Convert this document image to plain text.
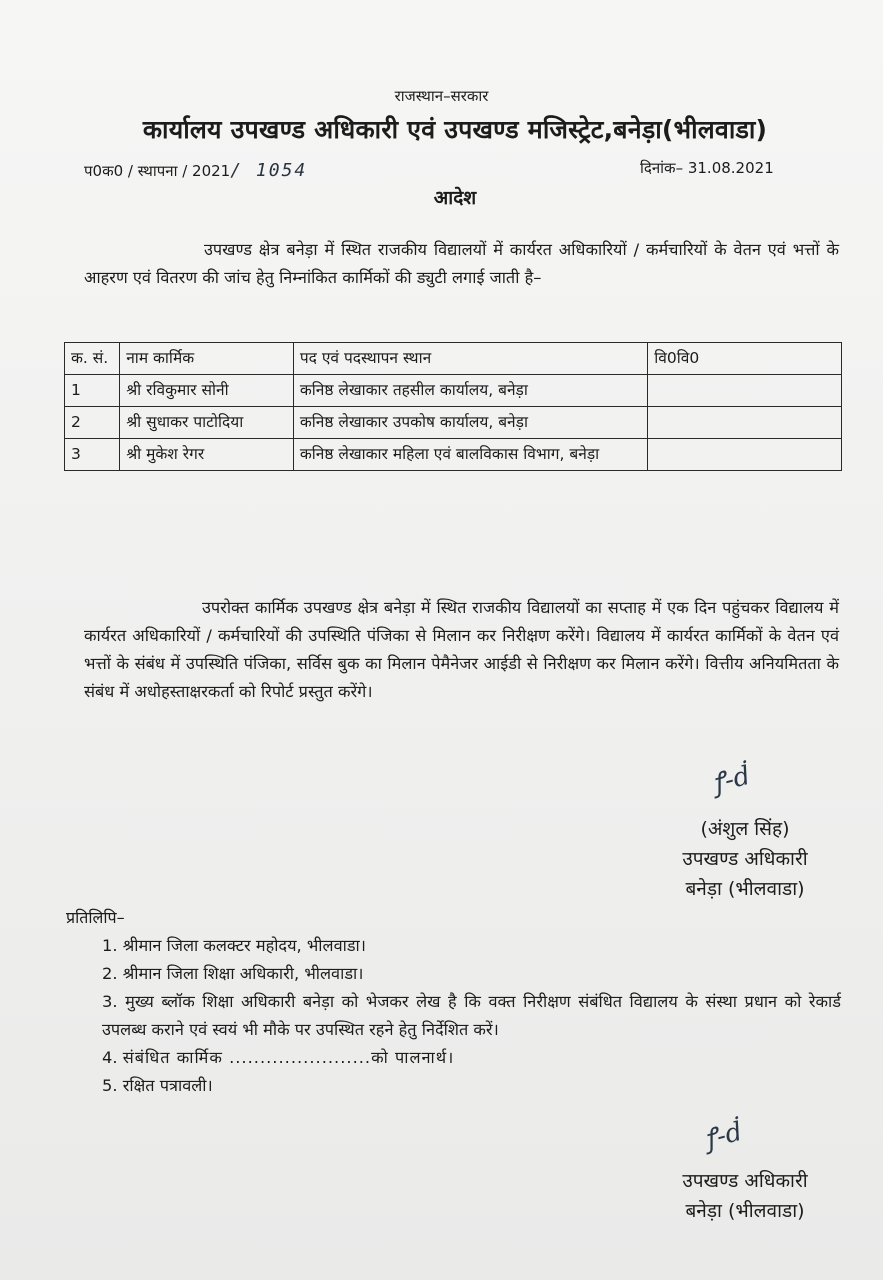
राजस्थान–सरकार
कार्यालय उपखण्ड अधिकारी एवं उपखण्ड मजिस्ट्रेट,बनेड़ा(भीलवाडा)
प0क0 / स्थापना / 2021/ 1054	दिनांक– 31.08.2021
आदेश
उपखण्ड क्षेत्र बनेड़ा में स्थित राजकीय विद्यालयों में कार्यरत अधिकारियों / कर्मचारियों के वेतन एवं भत्तों के आहरण एवं वितरण की जांच हेतु निम्नांकित कार्मिकों की ड्युटी लगाई जाती है–
क. सं.	नाम कार्मिक	पद एवं पदस्थापन स्थान	वि0वि0
1	श्री रविकुमार सोनी	कनिष्ठ लेखाकार तहसील कार्यालय, बनेड़ा	
2	श्री सुधाकर पाटोदिया	कनिष्ठ लेखाकार उपकोष कार्यालय, बनेड़ा	
3	श्री मुकेश रेगर	कनिष्ठ लेखाकार महिला एवं बालविकास विभाग, बनेड़ा	
उपरोक्त कार्मिक उपखण्ड क्षेत्र बनेड़ा में स्थित राजकीय विद्यालयों का सप्ताह में एक दिन पहुंचकर विद्यालय में कार्यरत अधिकारियों / कर्मचारियों की उपस्थिति पंजिका से मिलान कर निरीक्षण करेंगे। विद्यालय में कार्यरत कार्मिकों के वेतन एवं भत्तों के संबंध में उपस्थिति पंजिका, सर्विस बुक का मिलान पेमैनेजर आईडी से निरीक्षण कर मिलान करेंगे। वित्तीय अनियमितता के संबंध में अधोहस्ताक्षरकर्ता को रिपोर्ट प्रस्तुत करेंगे।
ꝭ-ḋ
(अंशुल सिंह)
उपखण्ड अधिकारी
बनेड़ा (भीलवाडा)
प्रतिलिपि–
1. श्रीमान जिला कलक्टर महोदय, भीलवाडा।
2. श्रीमान जिला शिक्षा अधिकारी, भीलवाडा।
3. मुख्य ब्लॉक शिक्षा अधिकारी बनेड़ा को भेजकर लेख है कि वक्त निरीक्षण संबंधित विद्यालय के संस्था प्रधान को रेकार्ड उपलब्ध कराने एवं स्वयं भी मौके पर उपस्थित रहने हेतु निर्देशित करें।
4. संबंधित कार्मिक .......................को पालनार्थ।
5. रक्षित पत्रावली।
ꝭ-ḋ
उपखण्ड अधिकारी
बनेड़ा (भीलवाडा)
